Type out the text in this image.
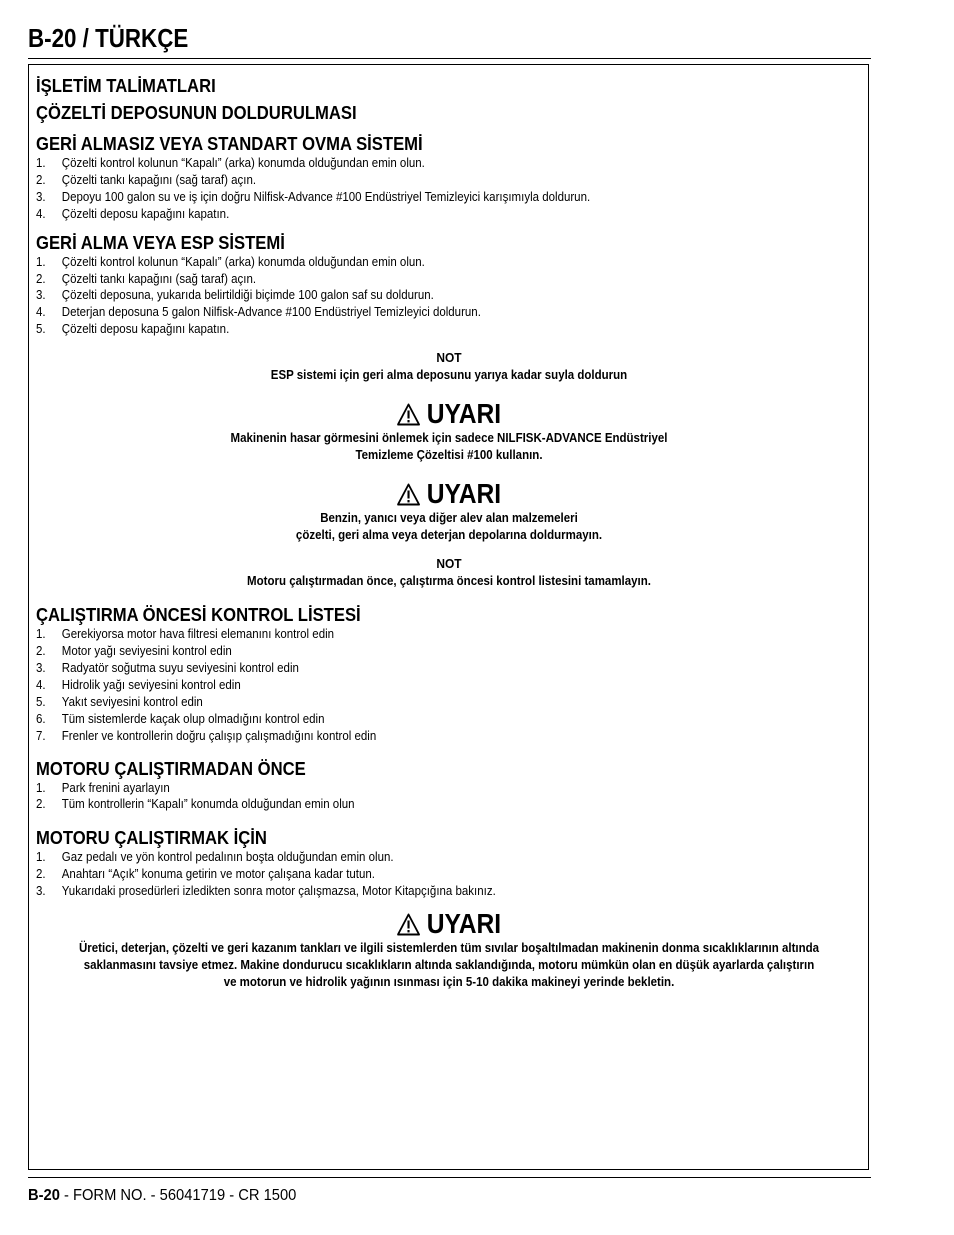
B-20 / TÜRKÇE
İŞLETİM TALİMATLARI
ÇÖZELTİ DEPOSUNUN DOLDURULMASI
GERİ ALMASIZ VEYA STANDART OVMA SİSTEMİ
1.	Çözelti kontrol kolunun “Kapalı” (arka) konumda olduğundan emin olun.
2.	Çözelti tankı kapağını (sağ taraf) açın.
3.	Depoyu 100 galon su ve iş için doğru Nilfisk-Advance #100 Endüstriyel Temizleyici karışımıyla doldurun.
4.	Çözelti deposu kapağını kapatın.
GERİ ALMA VEYA ESP SİSTEMİ
1.	Çözelti kontrol kolunun “Kapalı” (arka) konumda olduğundan emin olun.
2.	Çözelti tankı kapağını (sağ taraf) açın.
3.	Çözelti deposuna, yukarıda belirtildiği biçimde 100 galon saf su doldurun.
4.	Deterjan deposuna 5 galon Nilfisk-Advance #100 Endüstriyel Temizleyici doldurun.
5.	Çözelti deposu kapağını kapatın.
NOT
ESP sistemi için geri alma deposunu yarıya kadar suyla doldurun
UYARI
Makinenin hasar görmesini önlemek için sadece NILFISK-ADVANCE Endüstriyel
Temizleme Çözeltisi #100 kullanın.
UYARI
Benzin, yanıcı veya diğer alev alan malzemeleri
çözelti, geri alma veya deterjan depolarına doldurmayın.
NOT
Motoru çalıştırmadan önce, çalıştırma öncesi kontrol listesini tamamlayın.
ÇALIŞTIRMA ÖNCESİ KONTROL LİSTESİ
1.	Gerekiyorsa motor hava filtresi elemanını kontrol edin
2.	Motor yağı seviyesini kontrol edin
3.	Radyatör soğutma suyu seviyesini kontrol edin
4.	Hidrolik yağı seviyesini kontrol edin
5.	Yakıt seviyesini kontrol edin
6.	Tüm sistemlerde kaçak olup olmadığını kontrol edin
7.	Frenler ve kontrollerin doğru çalışıp çalışmadığını kontrol edin
MOTORU ÇALIŞTIRMADAN ÖNCE
1.	Park frenini ayarlayın
2.	Tüm kontrollerin “Kapalı” konumda olduğundan emin olun
MOTORU ÇALIŞTIRMAK İÇİN
1.	Gaz pedalı ve yön kontrol pedalının boşta olduğundan emin olun.
2.	Anahtarı “Açık” konuma getirin ve motor çalışana kadar tutun.
3.	Yukarıdaki prosedürleri izledikten sonra motor çalışmazsa, Motor Kitapçığına bakınız.
UYARI
Üretici, deterjan, çözelti ve geri kazanım tankları ve ilgili sistemlerden tüm sıvılar boşaltılmadan makinenin donma sıcaklıklarının altında
saklanmasını tavsiye etmez. Makine dondurucu sıcaklıkların altında saklandığında, motoru mümkün olan en düşük ayarlarda çalıştırın
ve motorun ve hidrolik yağının ısınması için 5-10 dakika makineyi yerinde bekletin.
B-20 - FORM NO. - 56041719 - CR 1500
